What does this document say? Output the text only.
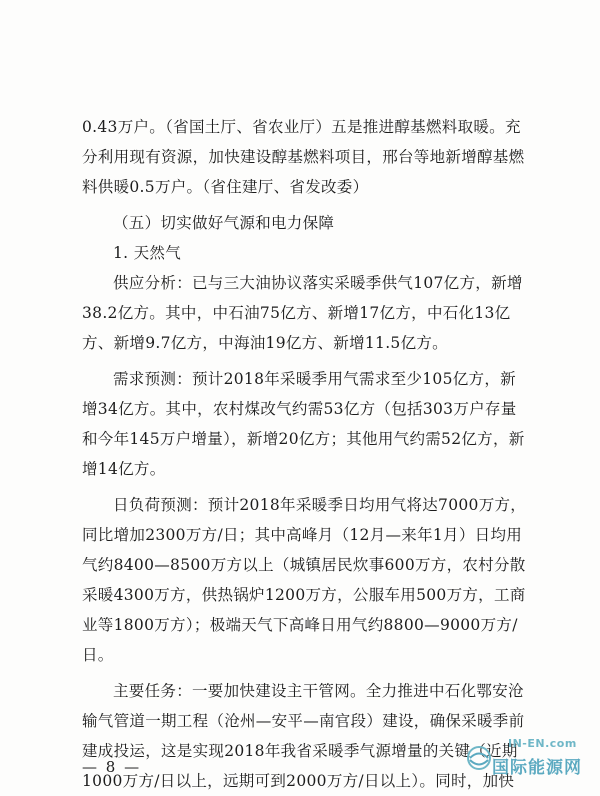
0.43万户。（省国土厅、省农业厅）五是推进醇基燃料取暖。充分利用现有资源，加快建设醇基燃料项目，邢台等地新增醇基燃料供暖0.5万户。（省住建厅、省发改委）

（五）切实做好气源和电力保障

1. 天然气

供应分析：已与三大油协议落实采暖季供气107亿方，新增38.2亿方。其中，中石油75亿方、新增17亿方，中石化13亿方、新增9.7亿方，中海油19亿方、新增11.5亿方。

需求预测：预计2018年采暖季用气需求至少105亿方，新增34亿方。其中，农村煤改气约需53亿方（包括303万户存量和今年145万户增量），新增20亿方；其他用气约需52亿方，新增14亿方。

日负荷预测：预计2018年采暖季日均用气将达7000万方，同比增加2300万方/日；其中高峰月（12月—来年1月）日均用气约8400—8500万方以上（城镇居民炊事600万方，农村分散采暖4300万方，供热锅炉1200万方，公服车用500万方，工商业等1800万方）；极端天气下高峰日用气约8800—9000万方/日。

主要任务：一要加快建设主干管网。全力推进中石化鄂安沧输气管道一期工程（沧州—安平—南官段）建设，确保采暖季前建成投运，这是实现2018年我省采暖季气源增量的关键（近期1000万方/日以上，远期可到2000万方/日以上）。同时，加快

— 8 —
IN-EN.com
国际能源网
